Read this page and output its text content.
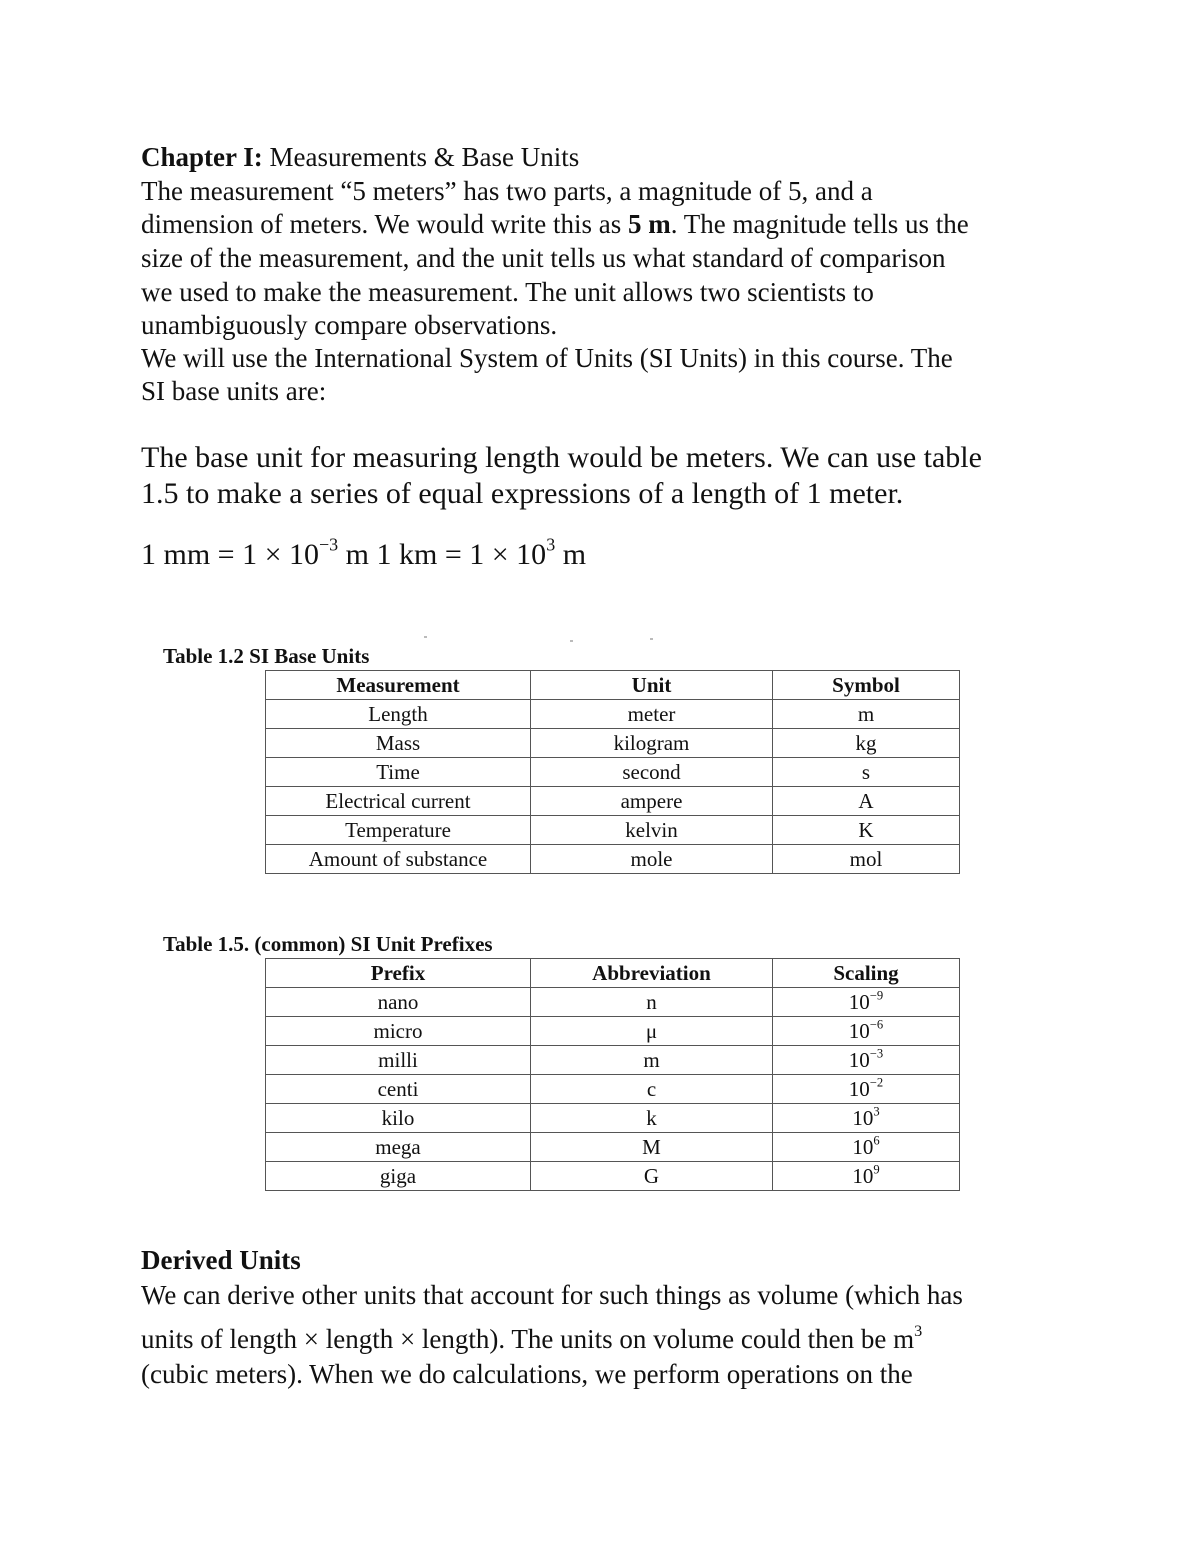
Chapter I: Measurements & Base Units
The measurement “5 meters” has two parts, a magnitude of 5, and a
dimension of meters. We would write this as 5 m. The magnitude tells us the
size of the measurement, and the unit tells us what standard of comparison
we used to make the measurement. The unit allows two scientists to
unambiguously compare observations.
We will use the International System of Units (SI Units) in this course. The
SI base units are:
The base unit for measuring length would be meters. We can use table
1.5 to make a series of equal expressions of a length of 1 meter.
1 mm = $1 \times 10^{-3}$ m 1 km = $1 \times 10^3$ m
Table 1.2 SI Base Units
Measurement	Unit	Symbol
Length	meter	m
Mass	kilogram	kg
Time	second	s
Electrical current	ampere	A
Temperature	kelvin	K
Amount of substance	mole	mol
Table 1.5. (common) SI Unit Prefixes
Prefix	Abbreviation	Scaling
nano	n	$10^{-9}$
micro	μ	$10^{-6}$
milli	m	$10^{-3}$
centi	c	$10^{-2}$
kilo	k	$10^3$
mega	M	$10^6$
giga	G	$10^9$
Derived Units
We can derive other units that account for such things as volume (which has
units of length × length × length). The units on volume could then be $m^3$
(cubic meters). When we do calculations, we perform operations on the
